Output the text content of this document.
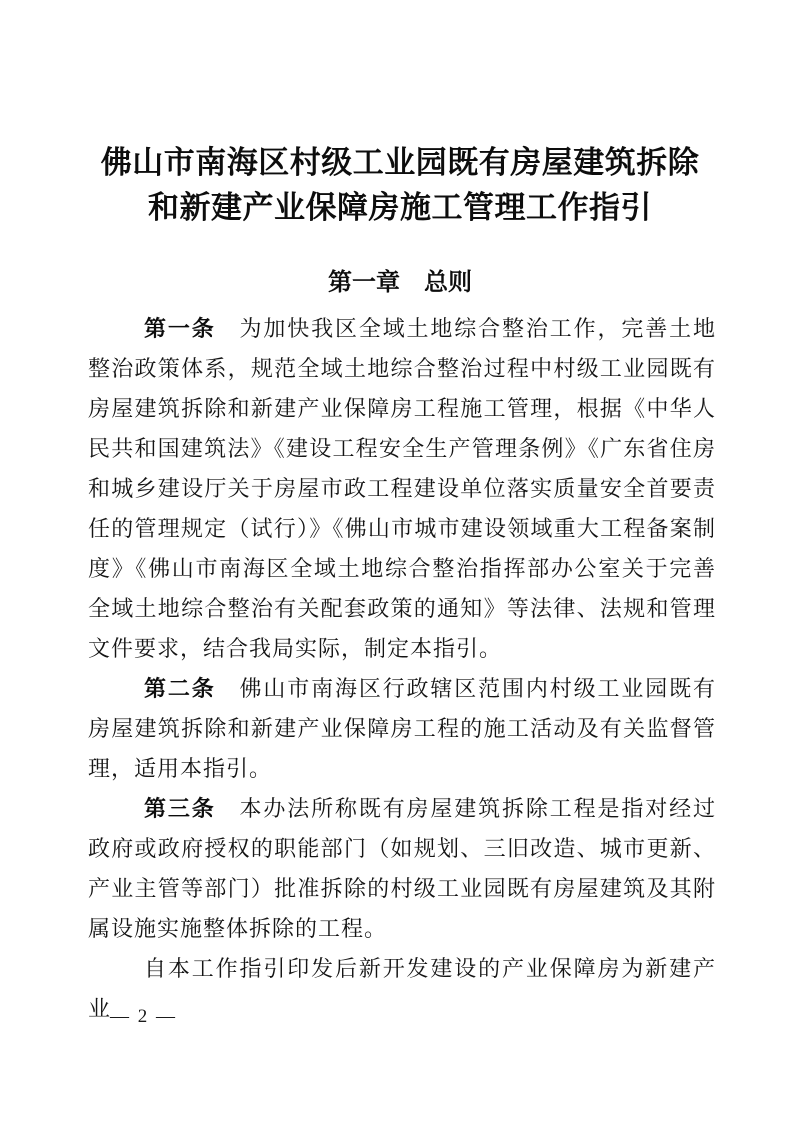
佛山市南海区村级工业园既有房屋建筑拆除
和新建产业保障房施工管理工作指引
第一章　总则

第一条　为加快我区全域土地综合整治工作，完善土地整治政策体系，规范全域土地综合整治过程中村级工业园既有房屋建筑拆除和新建产业保障房工程施工管理，根据《中华人民共和国建筑法》《建设工程安全生产管理条例》《广东省住房和城乡建设厅关于房屋市政工程建设单位落实质量安全首要责任的管理规定（试行）》《佛山市城市建设领域重大工程备案制度》《佛山市南海区全域土地综合整治指挥部办公室关于完善全域土地综合整治有关配套政策的通知》等法律、法规和管理文件要求，结合我局实际，制定本指引。

第二条　佛山市南海区行政辖区范围内村级工业园既有房屋建筑拆除和新建产业保障房工程的施工活动及有关监督管理，适用本指引。

第三条　本办法所称既有房屋建筑拆除工程是指对经过政府或政府授权的职能部门（如规划、三旧改造、城市更新、产业主管等部门）批准拆除的村级工业园既有房屋建筑及其附属设施实施整体拆除的工程。

自本工作指引印发后新开发建设的产业保障房为新建产业

— 2 —
